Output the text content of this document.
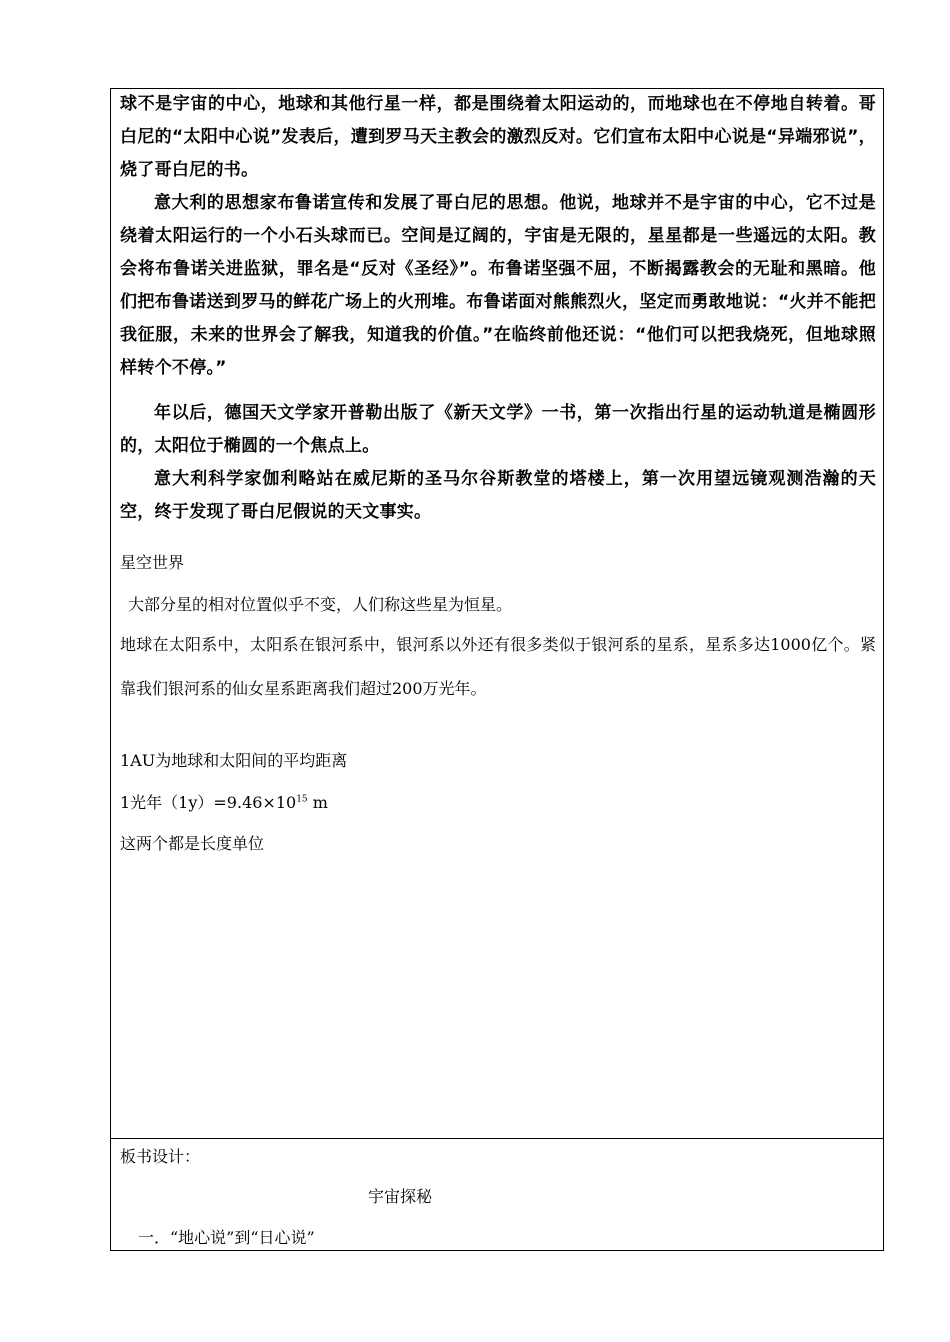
球不是宇宙的中心，地球和其他行星一样，都是围绕着太阳运动的，而地球也在不停地自转着。哥白尼的“太阳中心说”发表后，遭到罗马天主教会的激烈反对。它们宣布太阳中心说是“异端邪说”，烧了哥白尼的书。

意大利的思想家布鲁诺宣传和发展了哥白尼的思想。他说，地球并不是宇宙的中心，它不过是绕着太阳运行的一个小石头球而已。空间是辽阔的，宇宙是无限的，星星都是一些遥远的太阳。教会将布鲁诺关进监狱，罪名是“反对《圣经》”。布鲁诺坚强不屈，不断揭露教会的无耻和黑暗。他们把布鲁诺送到罗马的鲜花广场上的火刑堆。布鲁诺面对熊熊烈火，坚定而勇敢地说：“火并不能把我征服，未来的世界会了解我，知道我的价值。”在临终前他还说：“他们可以把我烧死，但地球照样转个不停。”

年以后，德国天文学家开普勒出版了《新天文学》一书，第一次指出行星的运动轨道是椭圆形的，太阳位于椭圆的一个焦点上。

意大利科学家伽利略站在威尼斯的圣马尔谷斯教堂的塔楼上，第一次用望远镜观测浩瀚的天空，终于发现了哥白尼假说的天文事实。

星空世界

大部分星的相对位置似乎不变，人们称这些星为恒星。

地球在太阳系中，太阳系在银河系中，银河系以外还有很多类似于银河系的星系，星系多达1000亿个。紧靠我们银河系的仙女星系距离我们超过200万光年。

1AU为地球和太阳间的平均距离

1光年$(1y)=9.46\times 10^{15}$ m

这两个都是长度单位

板书设计：

宇宙探秘

一．“地心说”到“日心说”
